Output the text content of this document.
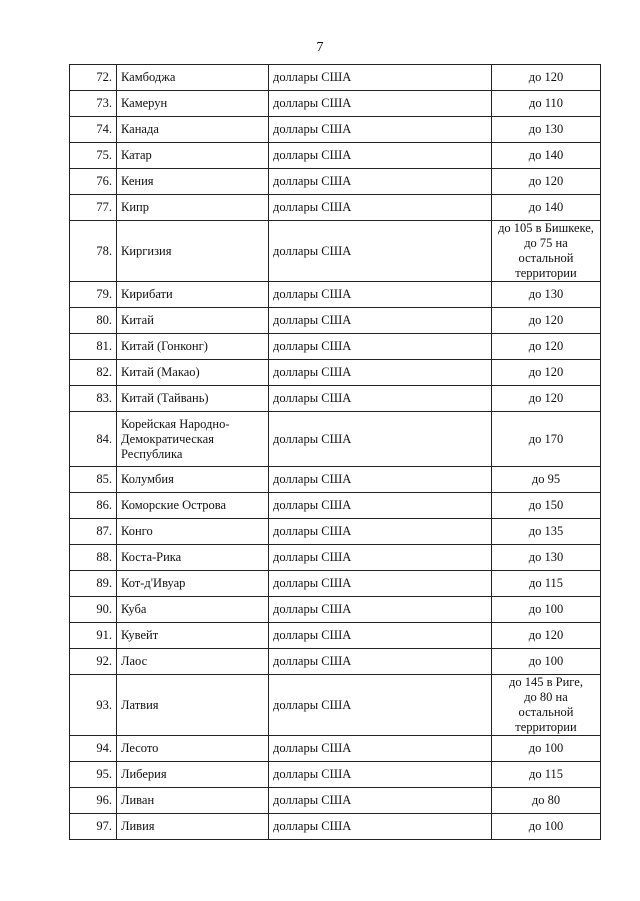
7
72.	Камбоджа	доллары США	до 120
73.	Камерун	доллары США	до 110
74.	Канада	доллары США	до 130
75.	Катар	доллары США	до 140
76.	Кения	доллары США	до 120
77.	Кипр	доллары США	до 140
78.	Киргизия	доллары США	до 105 в Бишкеке,
до 75 на остальной
территории
79.	Кирибати	доллары США	до 130
80.	Китай	доллары США	до 120
81.	Китай (Гонконг)	доллары США	до 120
82.	Китай (Макао)	доллары США	до 120
83.	Китай (Тайвань)	доллары США	до 120
84.	Корейская Народно-
Демократическая
Республика	доллары США	до 170
85.	Колумбия	доллары США	до 95
86.	Коморские Острова	доллары США	до 150
87.	Конго	доллары США	до 135
88.	Коста-Рика	доллары США	до 130
89.	Кот-д'Ивуар	доллары США	до 115
90.	Куба	доллары США	до 100
91.	Кувейт	доллары США	до 120
92.	Лаос	доллары США	до 100
93.	Латвия	доллары США	до 145 в Риге,
до 80 на остальной
территории
94.	Лесото	доллары США	до 100
95.	Либерия	доллары США	до 115
96.	Ливан	доллары США	до 80
97.	Ливия	доллары США	до 100
